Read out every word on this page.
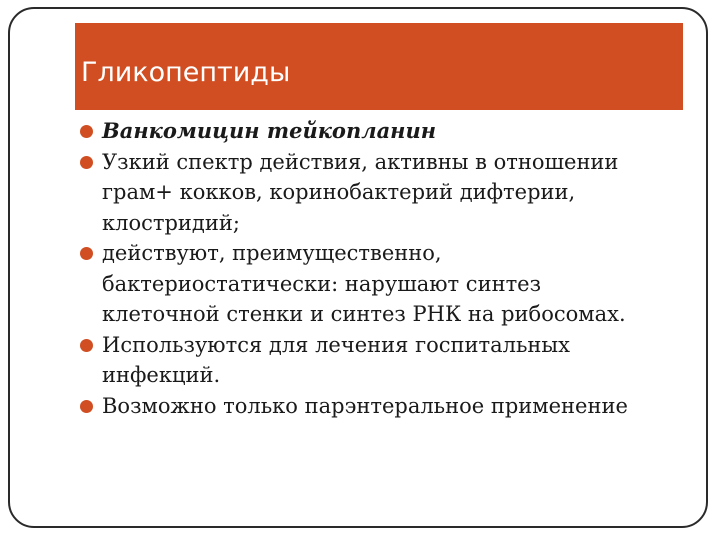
Гликопептиды
Ванкомицин тейкопланин
Узкий спектр действия, активны в отношении
грам+ кокков, коринобактерий дифтерии,
клостридий;
действуют, преимущественно,
бактериостатически: нарушают синтез
клеточной стенки и синтез РНК на рибосомах.
Используются для лечения госпитальных
инфекций.
Возможно только парэнтеральное применение
